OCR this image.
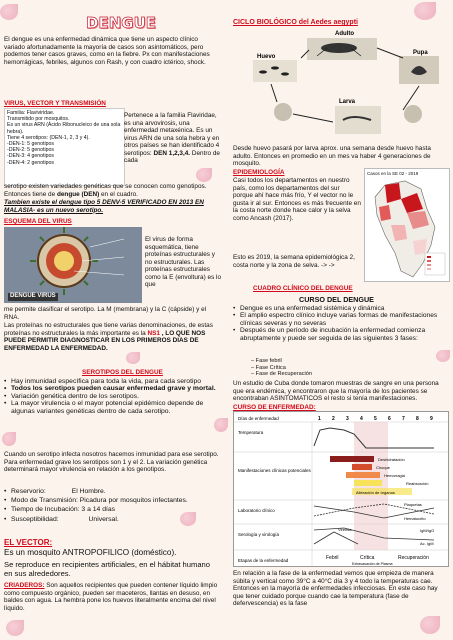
DENGUE
El dengue es una enfermedad dinámica que tiene un aspecto clínico variado afortunadamente la mayoría de casos son asintomáticos, pero podemos tener casos graves, como en la fiebre. Px con manifestaciones hemorrágicas, febriles, algunos con Rash, y con cuadro ictérico, shock.
VIRUS, VECTOR Y TRANSMISIÓN
Familia: Flaviviridae.
Transmitido por mosquitos.
Es un virus ARN (Ácido Ribonucleico de una sola hebra).
Tiene 4 serotipos: (DEN-1, 2, 3 y 4).
-DEN-1: 5 genotipos
-DEN-2: 5 genotipos
-DEN-3: 4 genotipos
-DEN-4: 2 genotipos
Pertenece a la familia Flaviridae, es una arvovirosis, una enfermedad metaxénica. Es un virus ARN de una sola hebra y en otros países se han identificado 4 serotipos: DEN 1,2,3,4. Dentro de cada
serotipo existen variedades genéticas que se conocen como genotipos. Entonces tiene de dengue (DEN) en el cuadro.
Tambien existe el dengue tipo 5 DENV-5 VERIFICADO EN 2013 EN MALASIA- es un nuevo serotipo.
ESQUEMA DEL VIRUS
DENGUE VIRUS
El virus de forma esquemática, tiene proteínas estructurales y no estructurales. Las proteínas estructurales como la E (envoltura) es lo que
me permite clasificar el serotipo. La M (membrana) y la C (cápside) y el RNA.
Las proteínas no estructurales que tiene varias denominaciones, de estas proteínas no estructurales la más importante es la NS1 , LO QUE NOS PUEDE PERMITIR DIAGNOSTICAR EN LOS PRIMEROS DIAS DE ENFERMEDAD LA ENFERMEDAD.
SEROTIPOS DEL DENGUE
• Hay inmunidad específica para toda la vida, para cada serotipo
• Todos los serotipos pueden causar enfermedad grave y mortal.
• Variación genética dentro de los serotipos.
• La mayor virulencia o el mayor potencial epidémico depende de algunas variantes genéticas dentro de cada serotipo.
Cuando un serotipo infecta nosotros hacemos inmunidad para ese serotipo. Para enfermedad grave los serotipos son 1 y el 2. La variación genética determinará mayor virulencia en relación a los genotipos.
• Reservorio:	El Hombre.
• Modo de Transmisión: Picadura por mosquitos infectantes.
• Tiempo de Incubación: 3 a 14 días
• Susceptibilidad:	Universal.
EL VECTOR:
Es un mosquito ANTROPOFILICO (doméstico).
Se reproduce en recipientes artificiales, en el hábitat humano en sus alrededores.
CRIADEROS: Son aquellos recipientes que pueden contener líquido limpio como compuesto orgánico, pueden ser maceteros, llantas en desuso, en baldes con agua. La hembra pone los huevos literalmente encima del nivel líquido.
CICLO BIOLÓGICO del Aedes aegypti
Adulto
Huevo
Pupa
Larva
Desde huevo pasará por larva aprox. una semana desde huevo hasta adulto. Entonces en promedio en un mes va haber 4 generaciones de mosquito.
EPIDEMIOLOGÍA
Casi todos los departamentos en nuestro país, como los departamentos del sur porque ahí hace más frío, Y el vector no le gusta ir al sur. Entonces es más frecuente en la costa norte donde hace calor y la selva como Ancash (2017).
Esto es 2019, la semana epidemiológica 2, costa norte y la zona de selva. -> ->
Casos en la SE 02 - 2019
CUADRO CLÍNICO DEL DENGUE
CURSO DEL DENGUE
• Dengue es una enfermedad sistémica y dinámica
• El amplio espectro clínico incluye varias formas de manifestaciones clínicas severas y no severas
• Después de un período de incubación la enfermedad comienza abruptamente y puede ser seguida de las siguientes 3 fases:
– Fase febril
– Fase Crítica
– Fase de Recuperación
Un estudio de Cuba donde tomaron muestras de sangre en una persona que era endémica, y encontraron que la mayoría de los pacientes se encontraban ASINTOMATICOS el resto si tenía manifestaciones.
CURSO DE ENFERMEDAD:
Días de enfermedad	1 2 3 4 5 6 7 8 9
Temperatura
Manifestaciones clínicas potenciales
Laboratorio clínico
Serología y virología
Etapas de la enfermedad
Deshidratación
Choque
Hemorragia
Reabsorción
Alteración de órganos
Plaquetas
Hematocrito
IgM/IgG
Viremia
Ac. IgM
Febril	Crítica	Recuperación
Extravasación de Plasma
En relación a la fase de la enfermedad vemos que empieza de manera súbita y vertical como 39°C a 40°C día 3 y 4 todo la temperaturas cae. Entonces en la mayoría de enfermedades infecciosas. En este caso hay que tener cuidado porque cuando cae la temperatura (fase de defervescencia) es la fase
